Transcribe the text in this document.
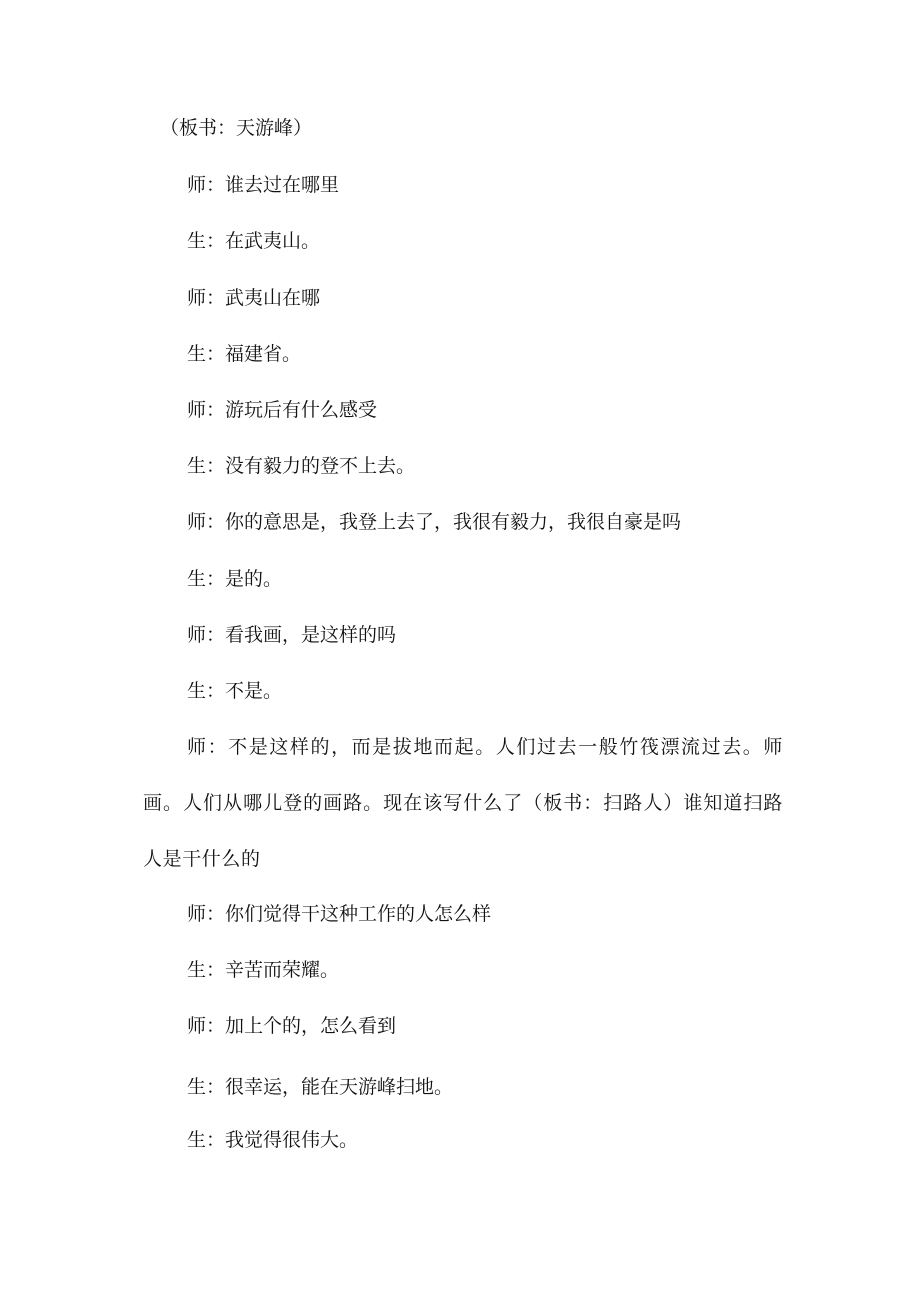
（板书：天游峰）
师：谁去过在哪里
生：在武夷山。
师：武夷山在哪
生：福建省。
师：游玩后有什么感受
生：没有毅力的登不上去。
师：你的意思是，我登上去了，我很有毅力，我很自豪是吗
生：是的。
师：看我画，是这样的吗
生：不是。
师：不是这样的，而是拔地而起。人们过去一般竹筏漂流过去。师画。人们从哪儿登的画路。现在该写什么了（板书：扫路人）谁知道扫路人是干什么的
师：你们觉得干这种工作的人怎么样
生：辛苦而荣耀。
师：加上个的，怎么看到
生：很幸运，能在天游峰扫地。
生：我觉得很伟大。
